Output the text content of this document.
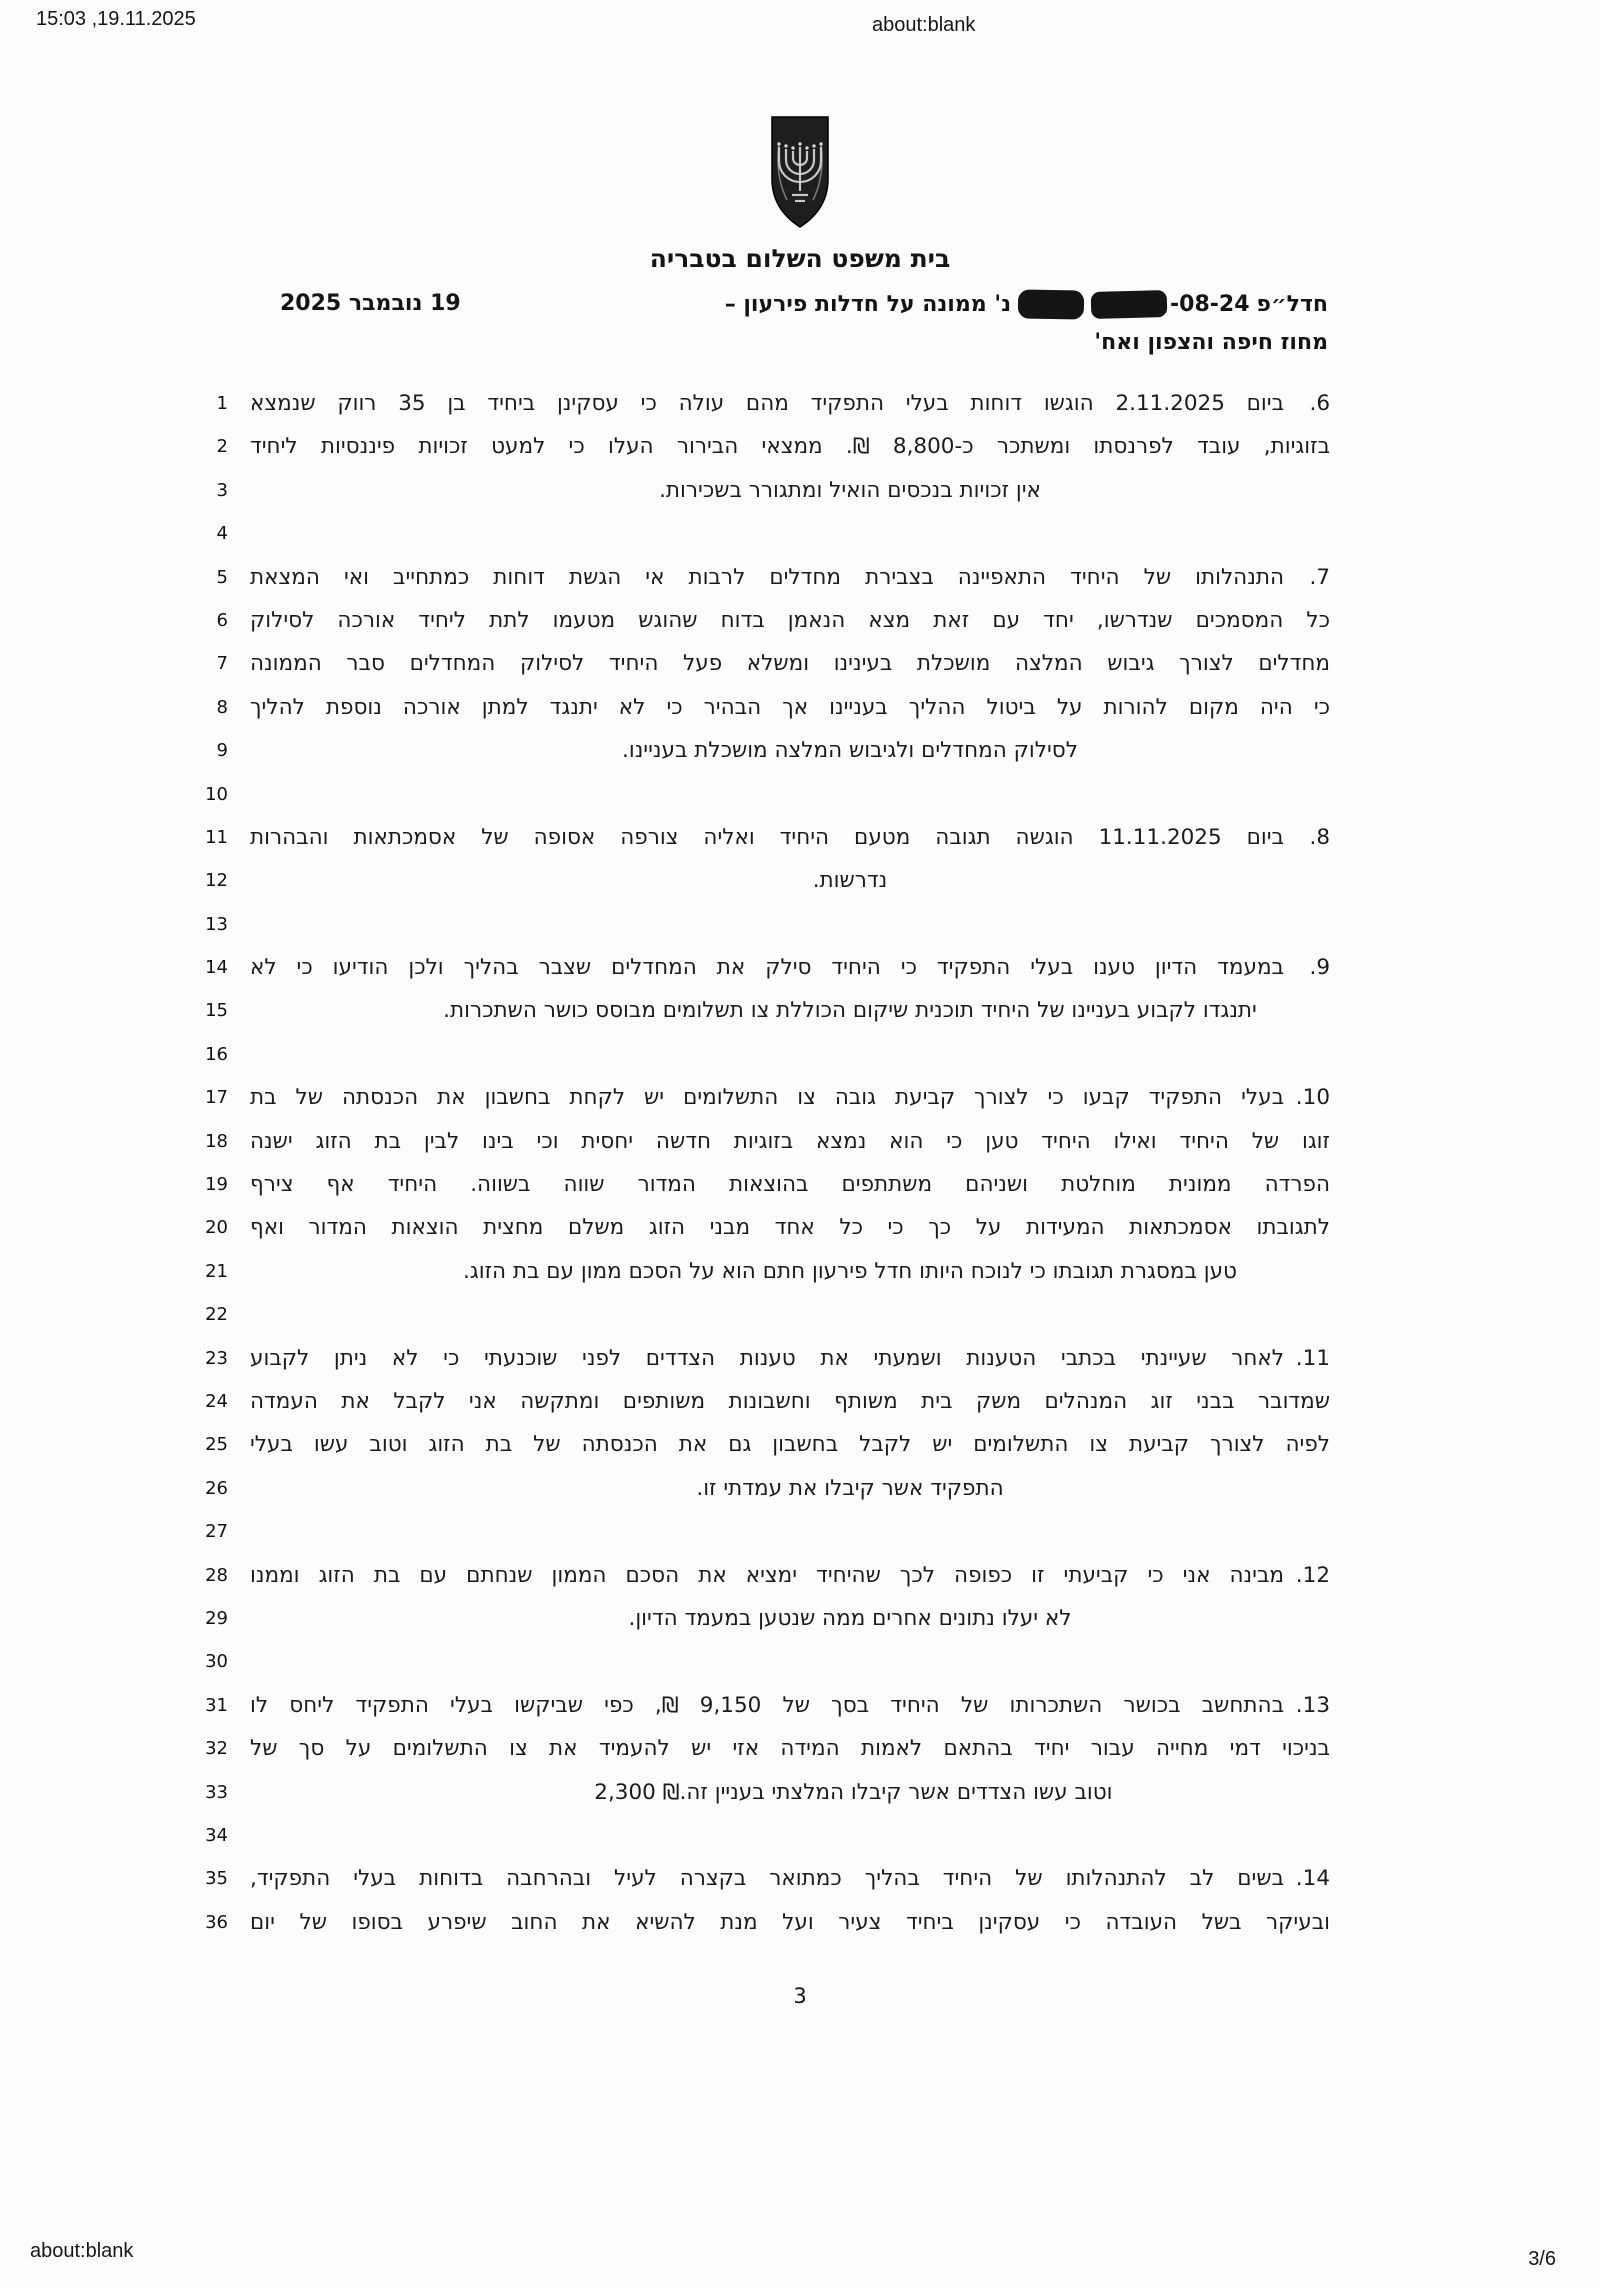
15:03 ,19.11.2025	about:blank
בית משפט השלום בטבריה
חדל״פ
-08-24
נ' ממונה על חדלות פירעון –
19 נובמבר 2025
מחוז חיפה והצפון ואח'
1	6.
ביום 2.11.2025 הוגשו דוחות בעלי התפקיד מהם עולה כי עסקינן ביחיד בן 35 רווק שנמצא
2 בזוגיות, עובד לפרנסתו ומשתכר כ-8,800 ₪. ממצאי הבירור העלו כי למעט זכויות פיננסיות ליחיד
3	אין זכויות בנכסים הואיל ומתגורר בשכירות.
4
5	7.
התנהלותו של היחיד התאפיינה בצבירת מחדלים לרבות אי הגשת דוחות כמתחייב ואי המצאת
6 כל המסמכים שנדרשו, יחד עם זאת מצא הנאמן בדוח שהוגש מטעמו לתת ליחיד אורכה לסילוק
7 מחדלים לצורך גיבוש המלצה מושכלת בעינינו ומשלא פעל היחיד לסילוק המחדלים סבר הממונה
8 כי היה מקום להורות על ביטול ההליך בעניינו אך הבהיר כי לא יתנגד למתן אורכה נוספת להליך
9	לסילוק המחדלים ולגיבוש המלצה מושכלת בעניינו.
10
11	8.
ביום 11.11.2025 הוגשה תגובה מטעם היחיד ואליה צורפה אסופה של אסמכתאות והבהרות
12	נדרשות.
13
14	9.
במעמד הדיון טענו בעלי התפקיד כי היחיד סילק את המחדלים שצבר בהליך ולכן הודיעו כי לא
15	יתנגדו לקבוע בעניינו של היחיד תוכנית שיקום הכוללת צו תשלומים מבוסס כושר השתכרות.
16
17	10.
בעלי התפקיד קבעו כי לצורך קביעת גובה צו התשלומים יש לקחת בחשבון את הכנסתה של בת
18 זוגו של היחיד ואילו היחיד טען כי הוא נמצא בזוגיות חדשה יחסית וכי בינו לבין בת הזוג ישנה
19 הפרדה ממונית מוחלטת ושניהם משתתפים בהוצאות המדור שווה בשווה. היחיד אף צירף
20 לתגובתו אסמכתאות המעידות על כך כי כל אחד מבני הזוג משלם מחצית הוצאות המדור ואף
21	טען במסגרת תגובתו כי לנוכח היותו חדל פירעון חתם הוא על הסכם ממון עם בת הזוג.
22
23	11.
לאחר שעיינתי בכתבי הטענות ושמעתי את טענות הצדדים לפני שוכנעתי כי לא ניתן לקבוע
24 שמדובר בבני זוג המנהלים משק בית משותף וחשבונות משותפים ומתקשה אני לקבל את העמדה
25 לפיה לצורך קביעת צו התשלומים יש לקבל בחשבון גם את הכנסתה של בת הזוג וטוב עשו בעלי
26	התפקיד אשר קיבלו את עמדתי זו.
27
28	12.
מבינה אני כי קביעתי זו כפופה לכך שהיחיד ימציא את הסכם הממון שנחתם עם בת הזוג וממנו
29	לא יעלו נתונים אחרים ממה שנטען במעמד הדיון.
30
31	13.
בהתחשב בכושר השתכרותו של היחיד בסך של 9,150 ₪, כפי שביקשו בעלי התפקיד ליחס לו
32 בניכוי דמי מחייה עבור יחיד בהתאם לאמות המידה אזי יש להעמיד את צו התשלומים על סך של
33	וטוב עשו הצדדים אשר קיבלו המלצתי בעניין זה. 2,300 ₪
34
35	14.
בשים לב להתנהלותו של היחיד בהליך כמתואר בקצרה לעיל ובהרחבה בדוחות בעלי התפקיד,
36 ובעיקר בשל העובדה כי עסקינן ביחיד צעיר ועל מנת להשיא את החוב שיפרע בסופו של יום
3
about:blank	3/6
